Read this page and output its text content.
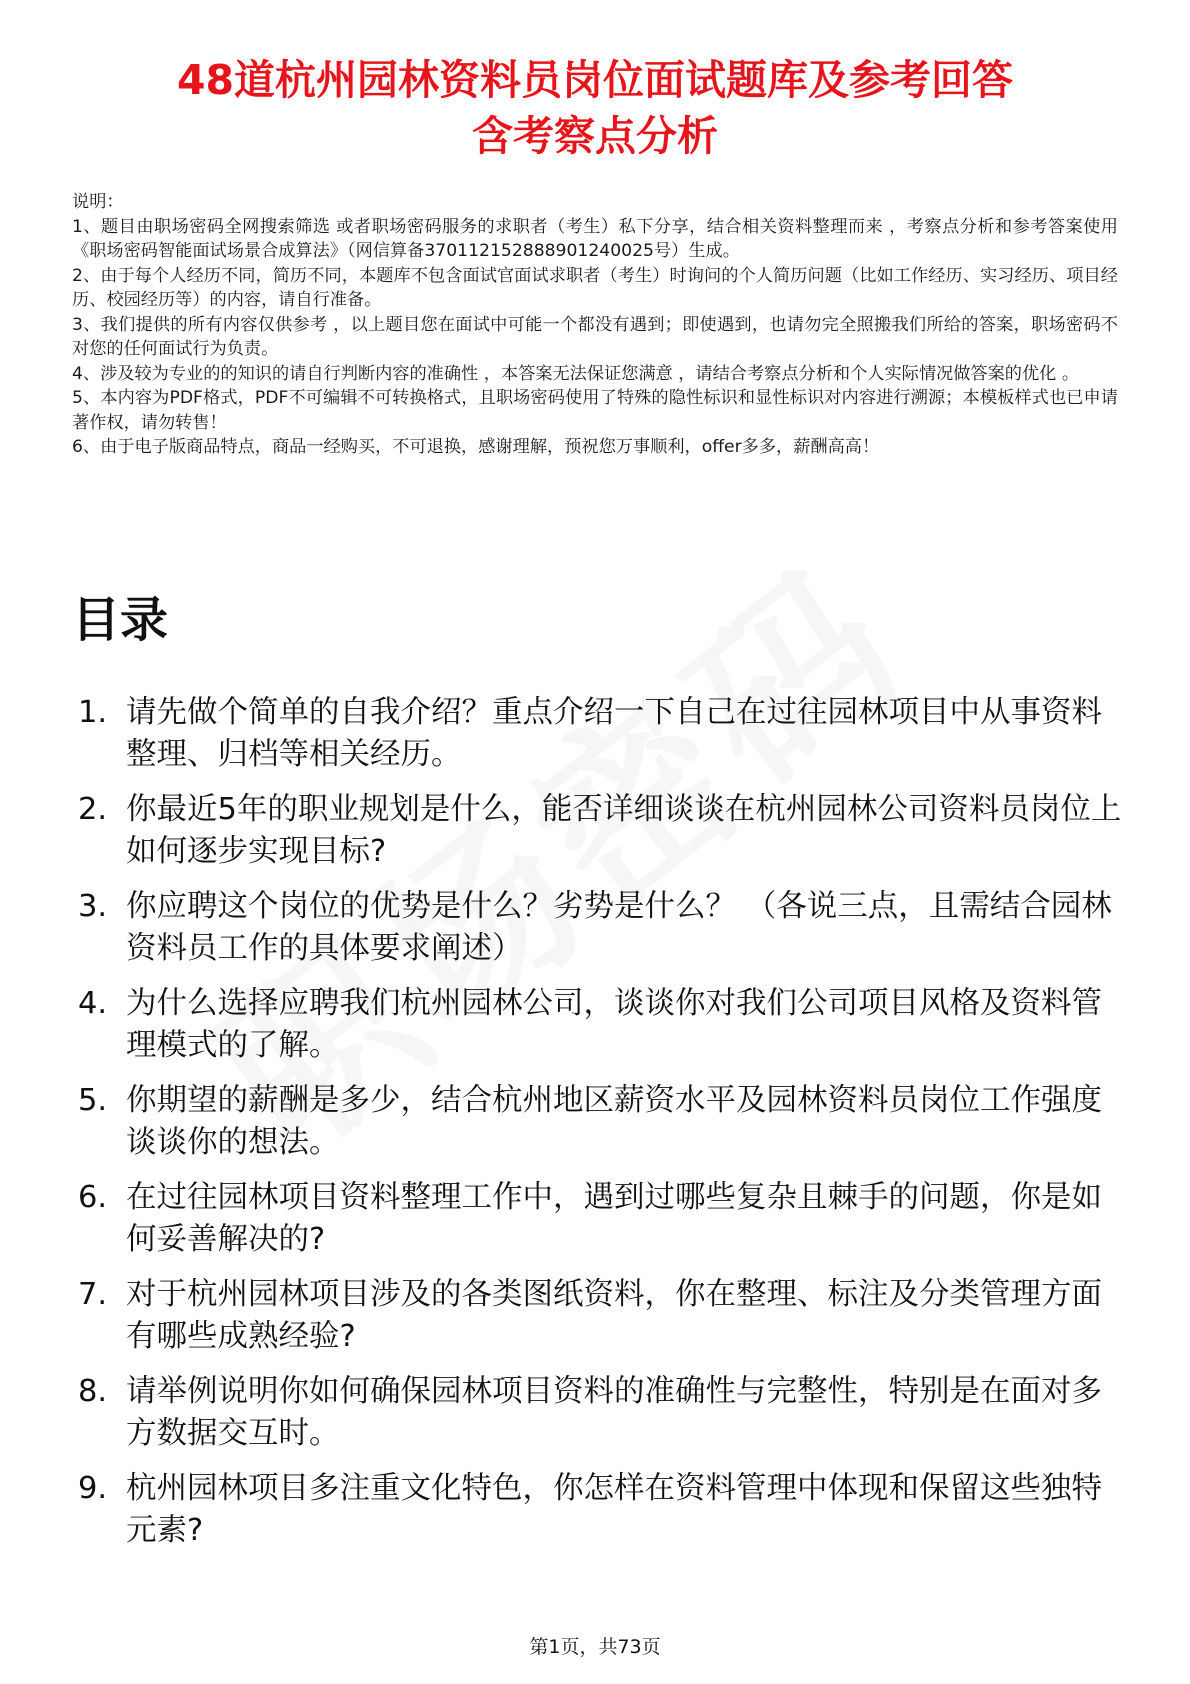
48道杭州园林资料员岗位面试题库及参考回答
含考察点分析

说明：

1、题目由职场密码全网搜索筛选 或者职场密码服务的求职者（考生）私下分享，结合相关资料整理而来 ，考察点分析和参考答案使用《职场密码智能面试场景合成算法》（网信算备370112152888901240025号）生成。

2、由于每个人经历不同，简历不同，本题库不包含面试官面试求职者（考生）时询问的个人简历问题（比如工作经历、实习经历、项目经历、校园经历等）的内容，请自行准备。

3、我们提供的所有内容仅供参考 ，以上题目您在面试中可能一个都没有遇到；即使遇到，也请勿完全照搬我们所给的答案，职场密码不对您的任何面试行为负责。

4、涉及较为专业的的知识的请自行判断内容的准确性 ，本答案无法保证您满意 ，请结合考察点分析和个人实际情况做答案的优化 。

5、本内容为PDF格式，PDF不可编辑不可转换格式，且职场密码使用了特殊的隐性标识和显性标识对内容进行溯源；本模板样式也已申请著作权，请勿转售！

6、由于电子版商品特点，商品一经购买，不可退换，感谢理解，预祝您万事顺利，offer多多，薪酬高高！

目录
1. 请先做个简单的自我介绍？重点介绍一下自己在过往园林项目中从事资料整理、归档等相关经历。
2. 你最近5年的职业规划是什么，能否详细谈谈在杭州园林公司资料员岗位上如何逐步实现目标?
3. 你应聘这个岗位的优势是什么？劣势是什么？ （各说三点，且需结合园林资料员工作的具体要求阐述）
4. 为什么选择应聘我们杭州园林公司，谈谈你对我们公司项目风格及资料管理模式的了解。
5. 你期望的薪酬是多少，结合杭州地区薪资水平及园林资料员岗位工作强度谈谈你的想法。
6. 在过往园林项目资料整理工作中，遇到过哪些复杂且棘手的问题，你是如何妥善解决的?
7. 对于杭州园林项目涉及的各类图纸资料，你在整理、标注及分类管理方面有哪些成熟经验?
8. 请举例说明你如何确保园林项目资料的准确性与完整性，特别是在面对多方数据交互时。
9. 杭州园林项目多注重文化特色，你怎样在资料管理中体现和保留这些独特元素?
第1页，共73页
